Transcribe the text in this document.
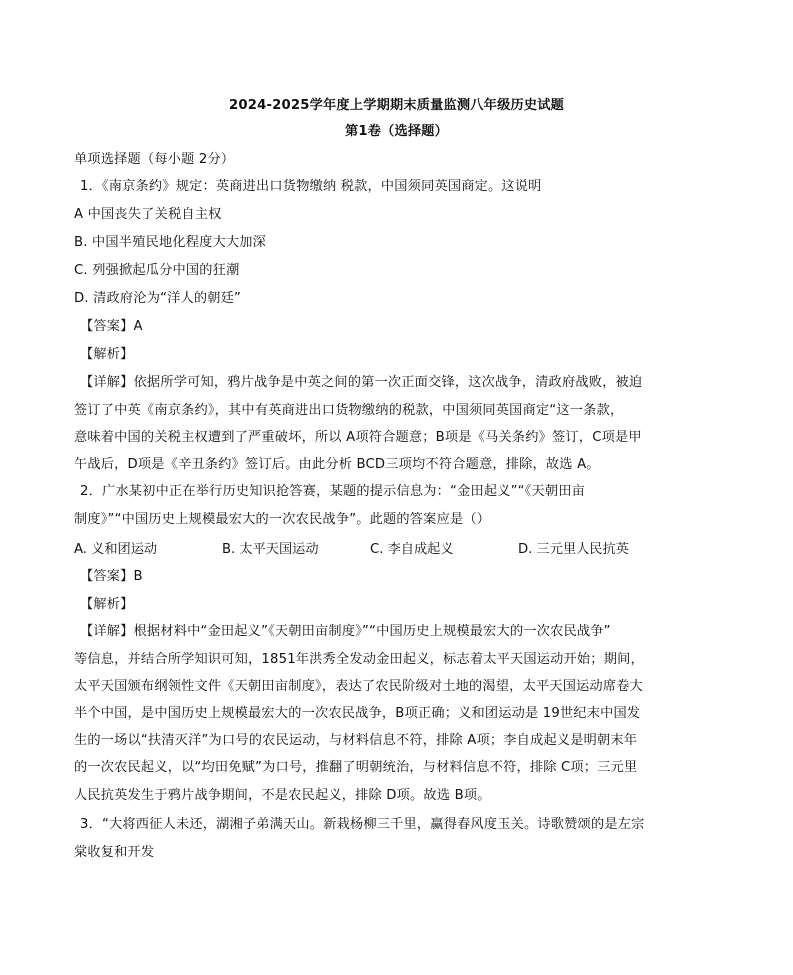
2024-2025学年度上学期期末质量监测八年级历史试题
第1卷（选择题）
单项选择题（每小题 2分）
1．《南京条约》规定：英商进出口货物缴纳 税款，中国须同英国商定。这说明
A 中国丧失了关税自主权
B. 中国半殖民地化程度大大加深
C. 列强掀起瓜分中国的狂潮
D. 清政府沦为“洋人的朝廷”
【答案】A
【解析】
【详解】依据所学可知，鸦片战争是中英之间的第一次正面交锋，这次战争，清政府战败，被迫
签订了中英《南京条约》，其中有英商进出口货物缴纳的税款，中国须同英国商定“这一条款，
意味着中国的关税主权遭到了严重破坏，所以 A项符合题意；B项是《马关条约》签订，C项是甲
午战后，D项是《辛丑条约》签订后。由此分析 BCD三项均不符合题意，排除，故选 A。
2．广水某初中正在举行历史知识抢答赛，某题的提示信息为：“金田起义”“《天朝田亩
制度》”“中国历史上规模最宏大的一次农民战争”。此题的答案应是（）
A. 义和团运动	B. 太平天国运动	C. 李自成起义	D. 三元里人民抗英
【答案】B
【解析】
【详解】根据材料中“金田起义”《天朝田亩制度》”“中国历史上规模最宏大的一次农民战争”
等信息，并结合所学知识可知，1851年洪秀全发动金田起义，标志着太平天国运动开始；期间，
太平天国颁布纲领性文件《天朝田亩制度》，表达了农民阶级对土地的渴望，太平天国运动席卷大
半个中国，是中国历史上规模最宏大的一次农民战争，B项正确；义和团运动是 19世纪末中国发
生的一场以“扶清灭洋”为口号的农民运动，与材料信息不符，排除 A项；李自成起义是明朝末年
的一次农民起义，以“均田免赋”为口号，推翻了明朝统治，与材料信息不符，排除 C项；三元里
人民抗英发生于鸦片战争期间，不是农民起义，排除 D项。故选 B项。
3．“大将西征人未还，湖湘子弟满天山。新栽杨柳三千里，赢得春风度玉关。诗歌赞颂的是左宗
棠收复和开发
